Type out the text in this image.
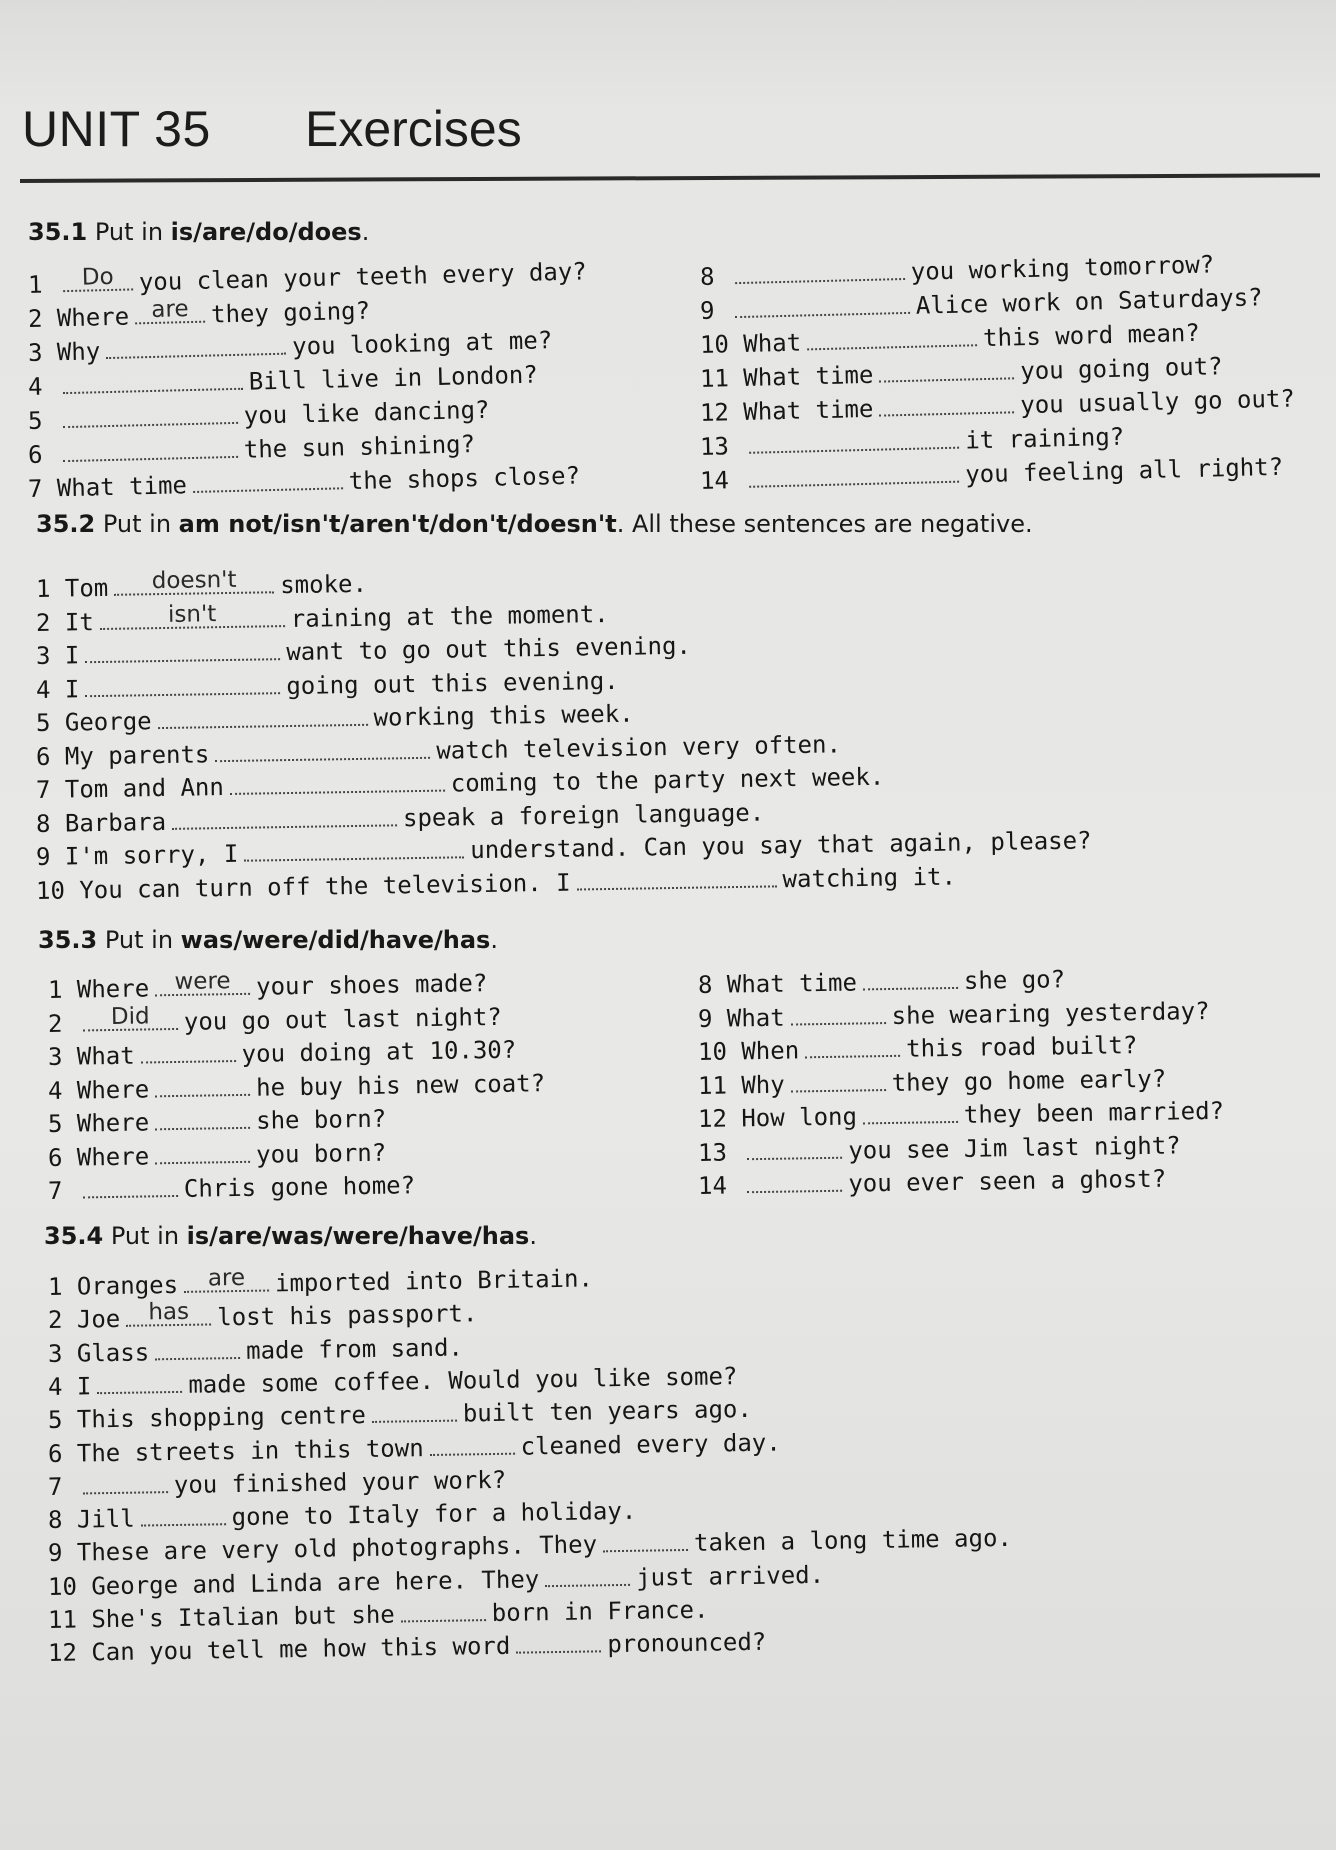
UNIT 35 Exercises
35.1 Put in is/are/do/does.
1	Do	you clean your teeth every day?
2 Where are they going?
3 Why	you looking at me?
4	Bill live in London?
5	you like dancing?
6	the sun shining?
7 What time	the shops close?
8	you working tomorrow?
9	Alice work on Saturdays?
10 What	this word mean?
11 What time	you going out?
12 What time	you usually go out?
13	it raining?
14	you feeling all right?
35.2 Put in am not/isn't/aren't/don't/doesn't. All these sentences are negative.
1 Tom	doesn't	smoke.
2 It	isn't	raining at the moment.
3 I	want to go out this evening.
4 I	going out this evening.
5 George	working this week.
6 My parents	watch television very often.
7 Tom and Ann	coming to the party next week.
8 Barbara	speak a foreign language.
9 I'm sorry, I	understand. Can you say that again, please?
10 You can turn off the television. I	watching it.
35.3 Put in was/were/did/have/has.
1 Where	were	your shoes made?
2	Did	you go out last night?
3 What	you doing at 10.30?
4 Where	he buy his new coat?
5 Where	she born?
6 Where	you born?
7	Chris gone home?
8 What time	she go?
9 What	she wearing yesterday?
10 When	this road built?
11 Why	they go home early?
12 How long	they been married?
13	you see Jim last night?
14	you ever seen a ghost?
35.4 Put in is/are/was/were/have/has.
1 Oranges	are	imported into Britain.
2 Joe	has	lost his passport.
3 Glass	made from sand.
4 I	made some coffee. Would you like some?
5 This shopping centre	built ten years ago.
6 The streets in this town	cleaned every day.
7	you finished your work?
8 Jill	gone to Italy for a holiday.
9 These are very old photographs. They	taken a long time ago.
10 George and Linda are here. They	just arrived.
11 She's Italian but she	born in France.
12 Can you tell me how this word	pronounced?
